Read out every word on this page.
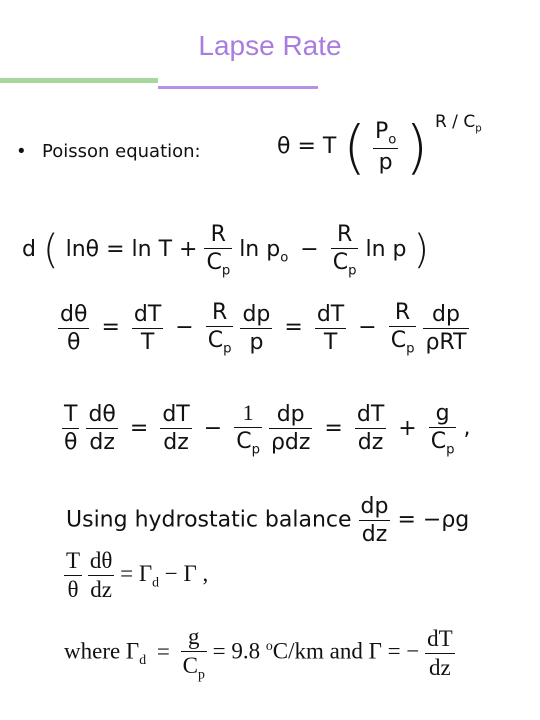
Lapse Rate
• Poisson equation:	θ = T ( $\frac{P_o}{p}$ ) $^{R / C_p}$
d ( $\ln\theta = \ln T + \frac{R}{C_p}$ $\ln p_o - \frac{R}{C_p}$ ln p )
$\frac{d\theta}{\theta} = \frac{dT}{T} - \frac{R}{C_p}$
$\frac{dp}{p} = \frac{dT}{T} - \frac{R}{C_p}$
$\frac{dp}{\text{ρRT}}$
$\frac{T}{\theta}$
$\frac{d\theta}{dz} = \frac{dT}{dz} - \frac{1}{C_p}$
$\frac{dp}{\text{ρdz}} = \frac{dT}{dz} + \frac{g}{C_p}$ ,
Using hydrostatic balance $\frac{dp}{dz} = -\rho g$
$\frac{T}{\theta}$
$\frac{d\theta}{dz} = \Gamma_d - \Gamma$ ,
where $\Gamma_d = \frac{g}{C_p} = 9.8$ $^o$C/km and Γ = − $\frac{dT}{dz}$
